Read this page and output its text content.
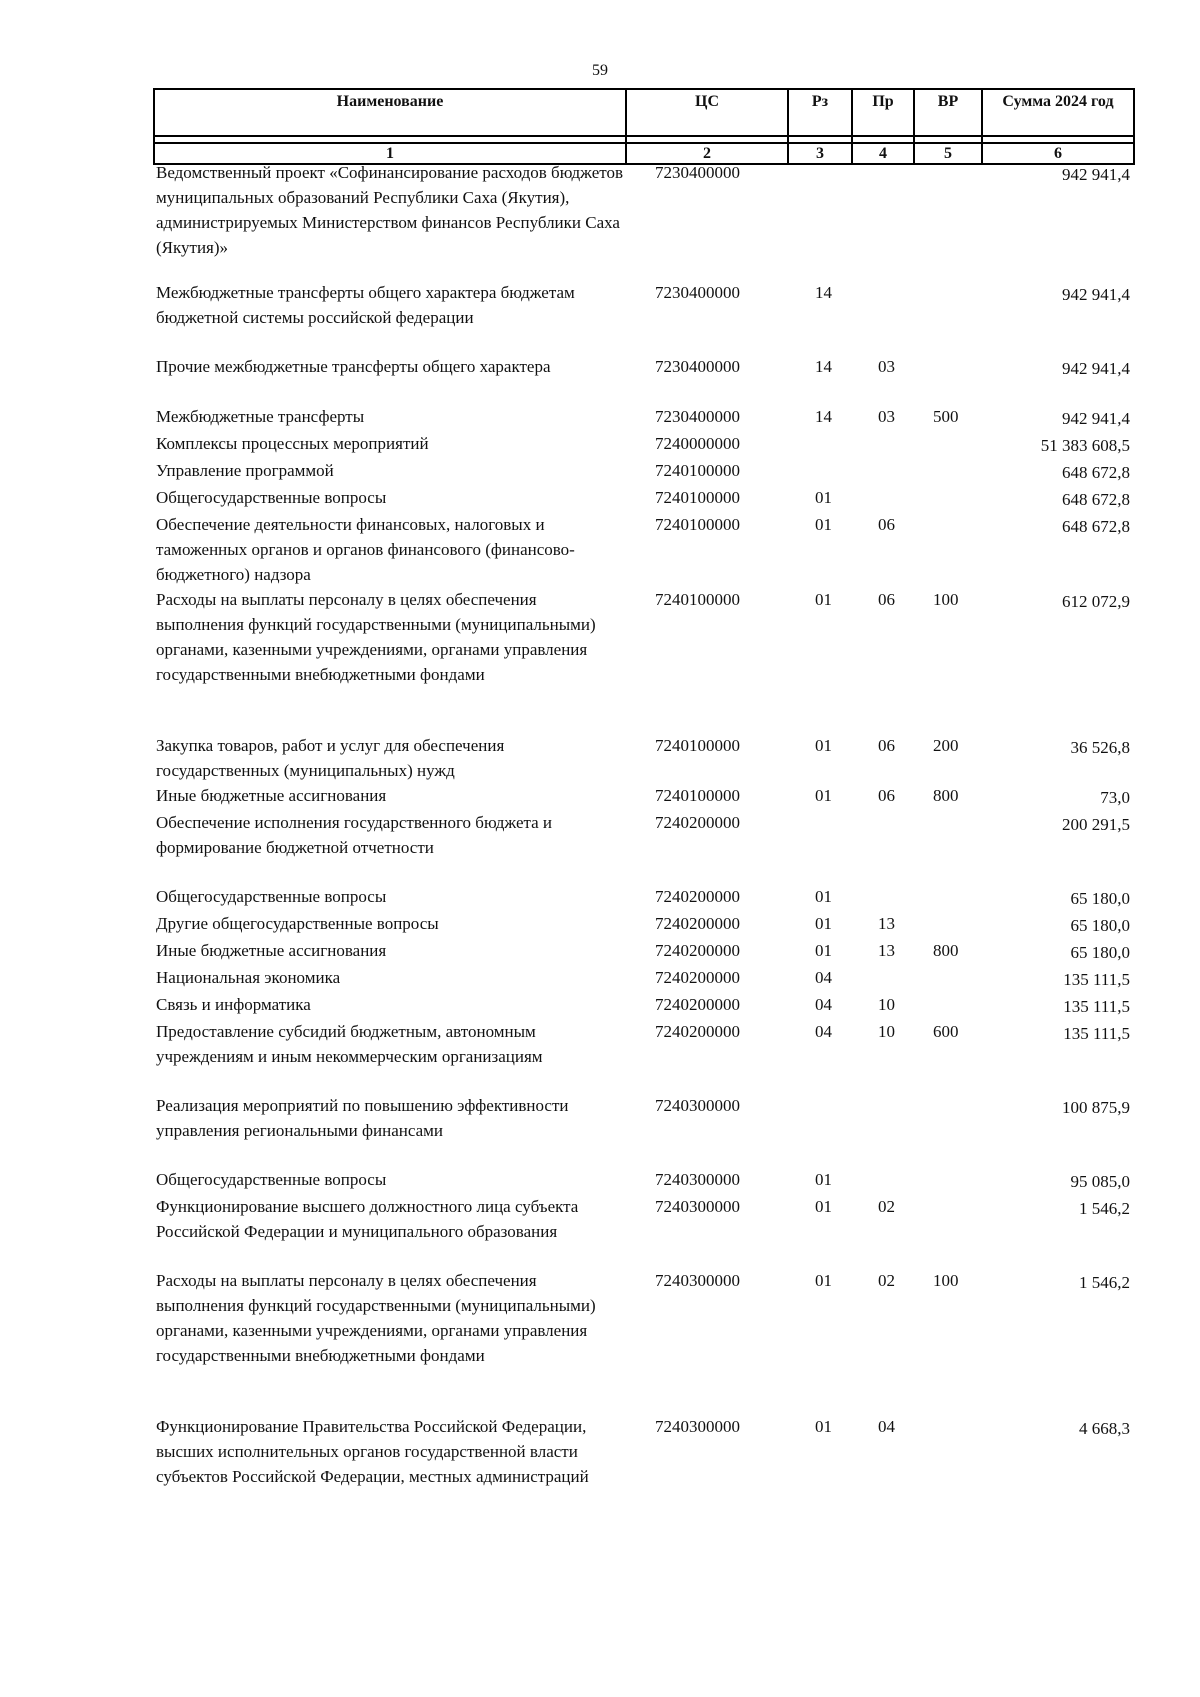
59
Наименование	ЦС	Рз	Пр	ВР	Сумма 2024 год

1	2	3	4	5	6
Ведомственный проект «Софинансирование расходов бюджетов муниципальных образований Республики Саха (Якутия), администрируемых Министерством финансов Республики Саха (Якутия)»	7230400000				942 941,4
Межбюджетные трансферты общего характера бюджетам бюджетной системы российской федерации	7230400000	14			942 941,4
Прочие межбюджетные трансферты общего характера	7230400000	14	03		942 941,4
Межбюджетные трансферты	7230400000	14	03	500	942 941,4
Комплексы процессных мероприятий	7240000000				51 383 608,5
Управление программой	7240100000				648 672,8
Общегосударственные вопросы	7240100000	01			648 672,8
Обеспечение деятельности финансовых, налоговых и таможенных органов и органов финансового (финансово-бюджетного) надзора	7240100000	01	06		648 672,8
Расходы на выплаты персоналу в целях обеспечения выполнения функций государственными (муниципальными) органами, казенными учреждениями, органами управления государственными внебюджетными фондами	7240100000	01	06	100	612 072,9
Закупка товаров, работ и услуг для обеспечения государственных (муниципальных) нужд	7240100000	01	06	200	36 526,8
Иные бюджетные ассигнования	7240100000	01	06	800	73,0
Обеспечение исполнения государственного бюджета и формирование бюджетной отчетности	7240200000				200 291,5
Общегосударственные вопросы	7240200000	01			65 180,0
Другие общегосударственные вопросы	7240200000	01	13		65 180,0
Иные бюджетные ассигнования	7240200000	01	13	800	65 180,0
Национальная экономика	7240200000	04			135 111,5
Связь и информатика	7240200000	04	10		135 111,5
Предоставление субсидий бюджетным, автономным учреждениям и иным некоммерческим организациям	7240200000	04	10	600	135 111,5
Реализация мероприятий по повышению эффективности управления региональными финансами	7240300000				100 875,9
Общегосударственные вопросы	7240300000	01			95 085,0
Функционирование высшего должностного лица субъекта Российской Федерации и муниципального образования	7240300000	01	02		1 546,2
Расходы на выплаты персоналу в целях обеспечения выполнения функций государственными (муниципальными) органами, казенными учреждениями, органами управления государственными внебюджетными фондами	7240300000	01	02	100	1 546,2
Функционирование Правительства Российской Федерации, высших исполнительных органов государственной власти субъектов Российской Федерации, местных администраций	7240300000	01	04		4 668,3
